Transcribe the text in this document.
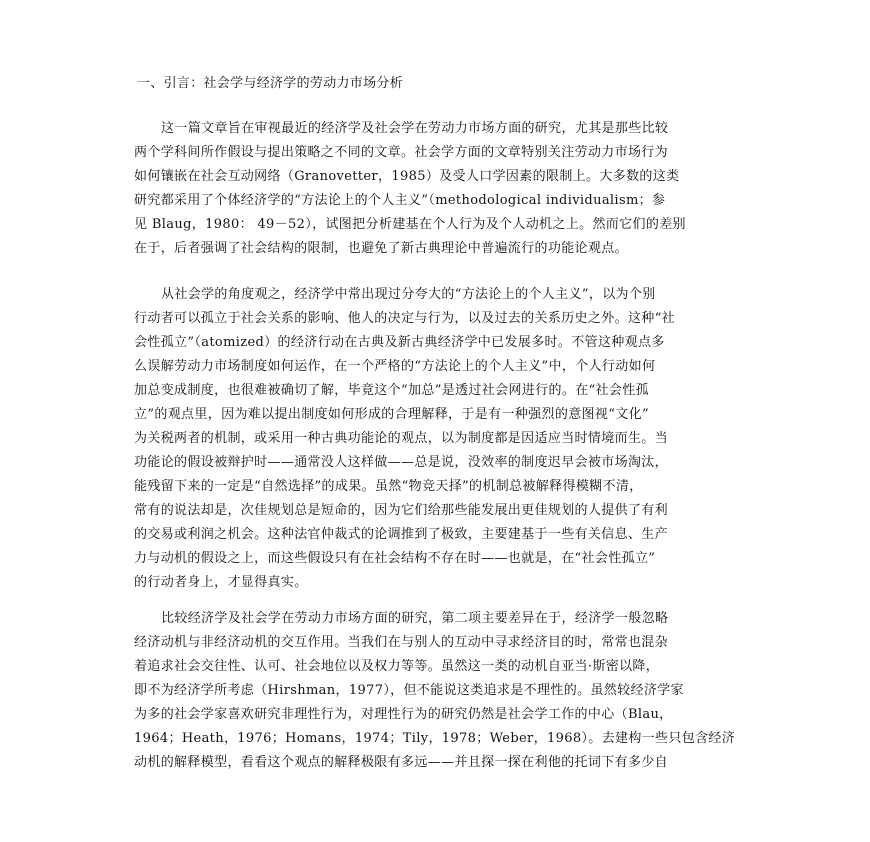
一、引言：社会学与经济学的劳动力市场分析
这一篇文章旨在审视最近的经济学及社会学在劳动力市场方面的研究，尤其是那些比较
两个学科间所作假设与提出策略之不同的文章。社会学方面的文章特别关注劳动力市场行为
如何镶嵌在社会互动网络（Granovetter，1985）及受人口学因素的限制上。大多数的这类
研究都采用了个体经济学的“方法论上的个人主义”（methodological individualism；参
见 Blaug，1980： 49－52），试图把分析建基在个人行为及个人动机之上。然而它们的差别
在于，后者强调了社会结构的限制，也避免了新古典理论中普遍流行的功能论观点。
从社会学的角度观之，经济学中常出现过分夸大的“方法论上的个人主义”，以为个别
行动者可以孤立于社会关系的影响、他人的决定与行为，以及过去的关系历史之外。这种“社
会性孤立”（atomized）的经济行动在古典及新古典经济学中已发展多时。不管这种观点多
么误解劳动力市场制度如何运作，在一个严格的“方法论上的个人主义”中，个人行动如何
加总变成制度，也很难被确切了解，毕竟这个“加总”是透过社会网进行的。在“社会性孤
立”的观点里，因为难以提出制度如何形成的合理解释，于是有一种强烈的意图视“文化”
为关税两者的机制，或采用一种古典功能论的观点，以为制度都是因适应当时情境而生。当
功能论的假设被辩护时——通常没人这样做——总是说，没效率的制度迟早会被市场淘汰，
能残留下来的一定是“自然选择”的成果。虽然“物竞天择”的机制总被解释得模糊不清，
常有的说法却是，次佳规划总是短命的，因为它们给那些能发展出更佳规划的人提供了有利
的交易或利润之机会。这种法官仲裁式的论调推到了极致，主要建基于一些有关信息、生产
力与动机的假设之上，而这些假设只有在社会结构不存在时——也就是，在“社会性孤立”
的行动者身上，才显得真实。
比较经济学及社会学在劳动力市场方面的研究，第二项主要差异在于，经济学一般忽略
经济动机与非经济动机的交互作用。当我们在与别人的互动中寻求经济目的时，常常也混杂
着追求社会交往性、认可、社会地位以及权力等等。虽然这一类的动机自亚当·斯密以降，
即不为经济学所考虑（Hirshman，1977），但不能说这类追求是不理性的。虽然较经济学家
为多的社会学家喜欢研究非理性行为，对理性行为的研究仍然是社会学工作的中心（Blau，
1964；Heath，1976；Homans，1974；Tily，1978；Weber，1968）。去建构一些只包含经济
动机的解释模型，看看这个观点的解释极限有多远——并且探一探在利他的托词下有多少自
